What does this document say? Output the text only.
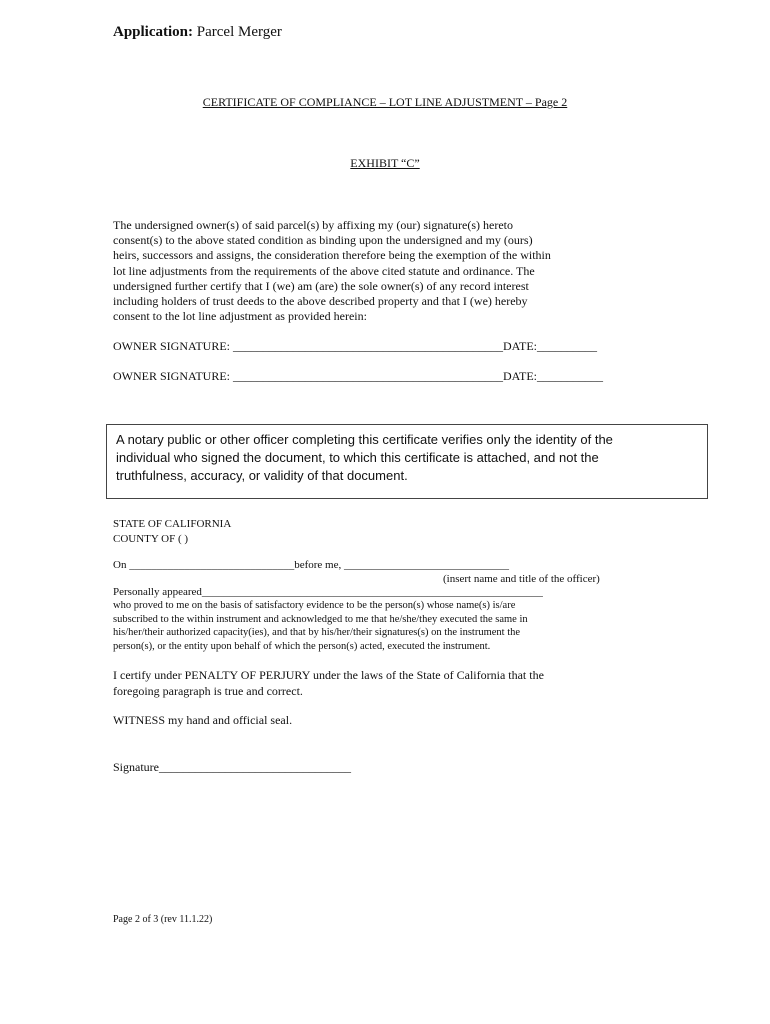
Application: Parcel Merger
CERTIFICATE OF COMPLIANCE – LOT LINE ADJUSTMENT – Page 2
EXHIBIT “C”
The undersigned owner(s) of said parcel(s) by affixing my (our) signature(s) hereto
consent(s) to the above stated condition as binding upon the undersigned and my (ours)
heirs, successors and assigns, the consideration therefore being the exemption of the within
lot line adjustments from the requirements of the above cited statute and ordinance. The
undersigned further certify that I (we) am (are) the sole owner(s) of any record interest
including holders of trust deeds to the above described property and that I (we) hereby
consent to the lot line adjustment as provided herein:
OWNER SIGNATURE: _____________________________________________DATE:__________
OWNER SIGNATURE: _____________________________________________DATE:___________
A notary public or other officer completing this certificate verifies only the identity of the
individual who signed the document, to which this certificate is attached, and not the
truthfulness, accuracy, or validity of that document.
STATE OF CALIFORNIA
COUNTY OF ( )
On ______________________________before me, ______________________________
(insert name and title of the officer)
Personally appeared______________________________________________________________
who proved to me on the basis of satisfactory evidence to be the person(s) whose name(s) is/are
subscribed to the within instrument and acknowledged to me that he/she/they executed the same in
his/her/their authorized capacity(ies), and that by his/her/their signatures(s) on the instrument the
person(s), or the entity upon behalf of which the person(s) acted, executed the instrument.
I certify under PENALTY OF PERJURY under the laws of the State of California that the
foregoing paragraph is true and correct.
WITNESS my hand and official seal.
Signature________________________________
Page 2 of 3 (rev 11.1.22)
